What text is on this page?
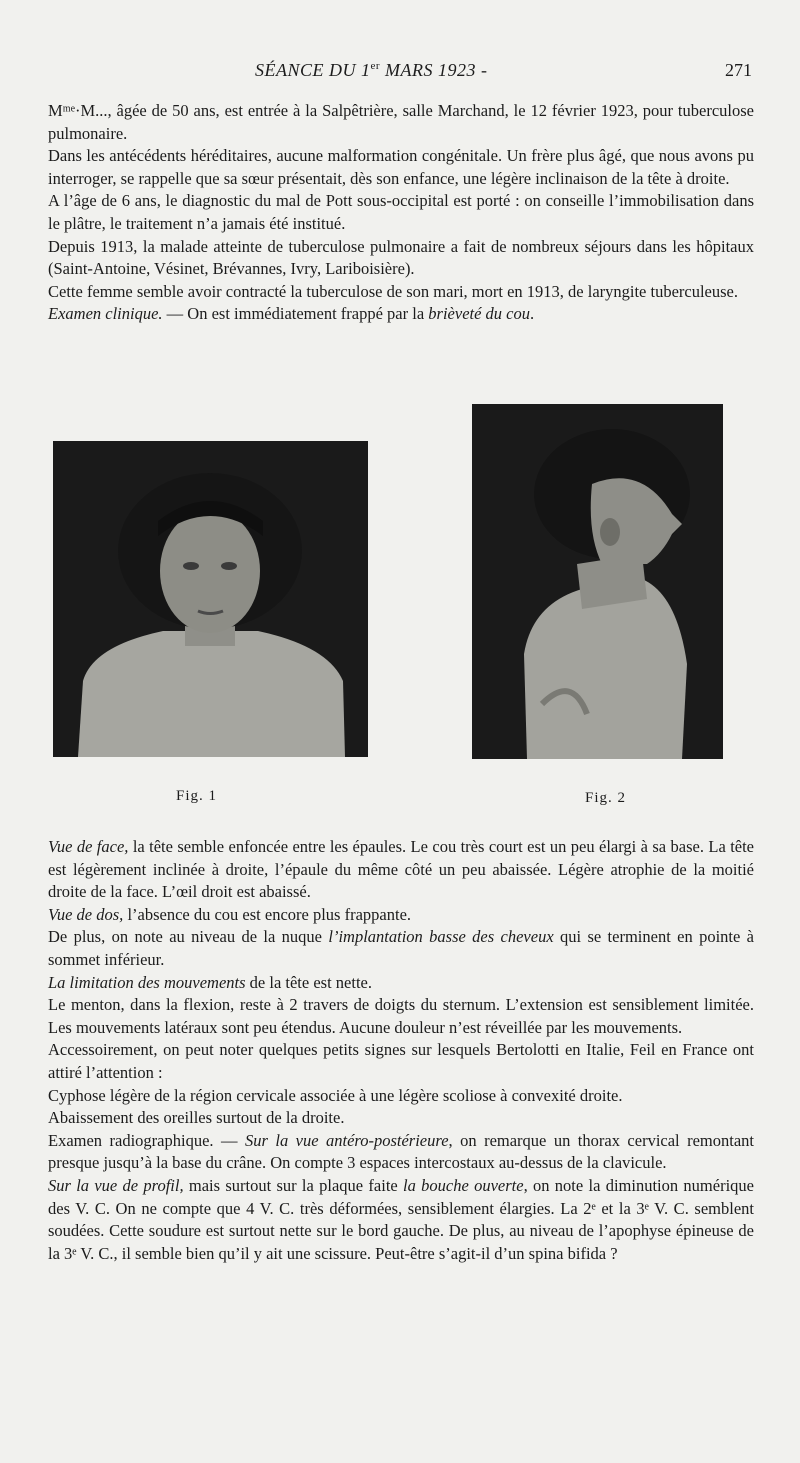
SÉANCE DU 1er MARS 1923 -	271

Mᵐᵉ·M..., âgée de 50 ans, est entrée à la Salpêtrière, salle Marchand, le 12 février 1923, pour tuberculose pulmonaire.

Dans les antécédents héréditaires, aucune malformation congénitale. Un frère plus âgé, que nous avons pu interroger, se rappelle que sa sœur présentait, dès son enfance, une légère inclinaison de la tête à droite.

A l’âge de 6 ans, le diagnostic du mal de Pott sous-occipital est porté : on conseille l’immobilisation dans le plâtre, le traitement n’a jamais été institué.

Depuis 1913, la malade atteinte de tuberculose pulmonaire a fait de nombreux séjours dans les hôpitaux (Saint-Antoine, Vésinet, Brévannes, Ivry, Lariboisière).

Cette femme semble avoir contracté la tuberculose de son mari, mort en 1913, de laryngite tuberculeuse.

Examen clinique. — On est immédiatement frappé par la brièveté du cou.

Fig. 1	Fig. 2

Vue de face, la tête semble enfoncée entre les épaules. Le cou très court est un peu élargi à sa base. La tête est légèrement inclinée à droite, l’épaule du même côté un peu abaissée. Légère atrophie de la moitié droite de la face. L’œil droit est abaissé.

Vue de dos, l’absence du cou est encore plus frappante.

De plus, on note au niveau de la nuque l’implantation basse des cheveux qui se terminent en pointe à sommet inférieur.

La limitation des mouvements de la tête est nette.

Le menton, dans la flexion, reste à 2 travers de doigts du sternum. L’extension est sensiblement limitée. Les mouvements latéraux sont peu étendus. Aucune douleur n’est réveillée par les mouvements.

Accessoirement, on peut noter quelques petits signes sur lesquels Bertolotti en Italie, Feil en France ont attiré l’attention :

Cyphose légère de la région cervicale associée à une légère scoliose à convexité droite.

Abaissement des oreilles surtout de la droite.

Examen radiographique. — Sur la vue antéro-postérieure, on remarque un thorax cervical remontant presque jusqu’à la base du crâne. On compte 3 espaces intercostaux au-dessus de la clavicule.

Sur la vue de profil, mais surtout sur la plaque faite la bouche ouverte, on note la diminution numérique des V. C. On ne compte que 4 V. C. très déformées, sensiblement élargies. La 2ᵉ et la 3ᵉ V. C. semblent soudées. Cette soudure est surtout nette sur le bord gauche. De plus, au niveau de l’apophyse épineuse de la 3ᵉ V. C., il semble bien qu’il y ait une scissure. Peut-être s’agit-il d’un spina bifida ?
